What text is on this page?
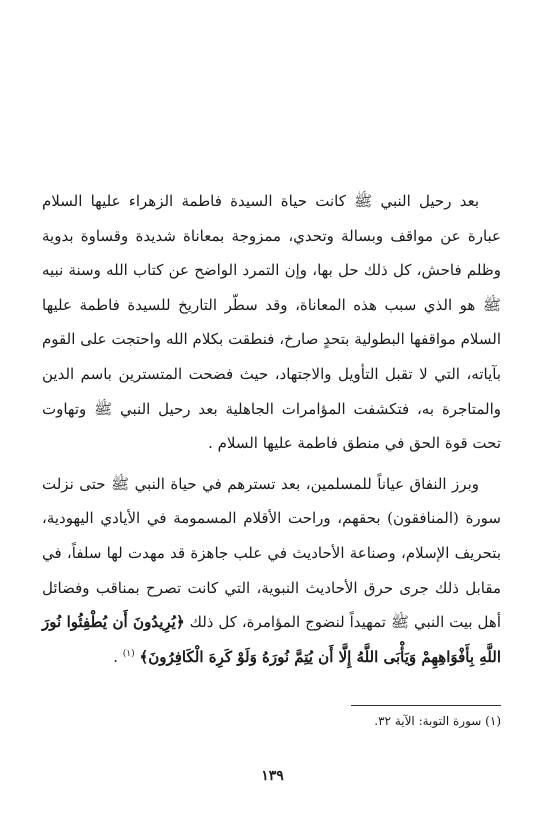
بعد رحيل النبي ﷺ كانت حياة السيدة فاطمة الزهراء عليها السلام عبارة عن مواقف وبسالة وتحدي، ممزوجة بمعاناة شديدة وقساوة بدوية وظلم فاحش، كل ذلك حل بها، وإن التمرد الواضح عن كتاب الله وسنة نبيه ﷺ هو الذي سبب هذه المعاناة، وقد سطّر التاريخ للسيدة فاطمة عليها السلام مواقفها البطولية بتحدٍ صارخ، فنطقت بكلام الله واحتجت على القوم بآياته، التي لا تقبل التأويل والاجتهاد، حيث فضحت المتسترين باسم الدين والمتاجرة به، فتكشفت المؤامرات الجاهلية بعد رحيل النبي ﷺ وتهاوت تحت قوة الحق في منطق فاطمة عليها السلام .

وبرز النفاق عياناً للمسلمين، بعد تسترهم في حياة النبي ﷺ حتى نزلت سورة (المنافقون) بحقهم، وراحت الأقلام المسمومة في الأيادي اليهودية، بتحريف الإسلام، وصناعة الأحاديث في علب جاهزة قد مهدت لها سلفاً، في مقابل ذلك جرى حرق الأحاديث النبوية، التي كانت تصرح بمناقب وفضائل أهل بيت النبي ﷺ تمهيداً لنضوج المؤامرة، كل ذلك ﴿يُرِيدُونَ أَن يُطْفِئُوا نُورَ اللَّهِ بِأَفْوَاهِهِمْ وَيَأْبَى اللَّهُ إِلَّا أَن يُتِمَّ نُورَهُ وَلَوْ كَرِهَ الْكَافِرُونَ﴾ $^{(١)}$ .

(١) سورة التوبة: الآية ٣٢.
١٣٩
